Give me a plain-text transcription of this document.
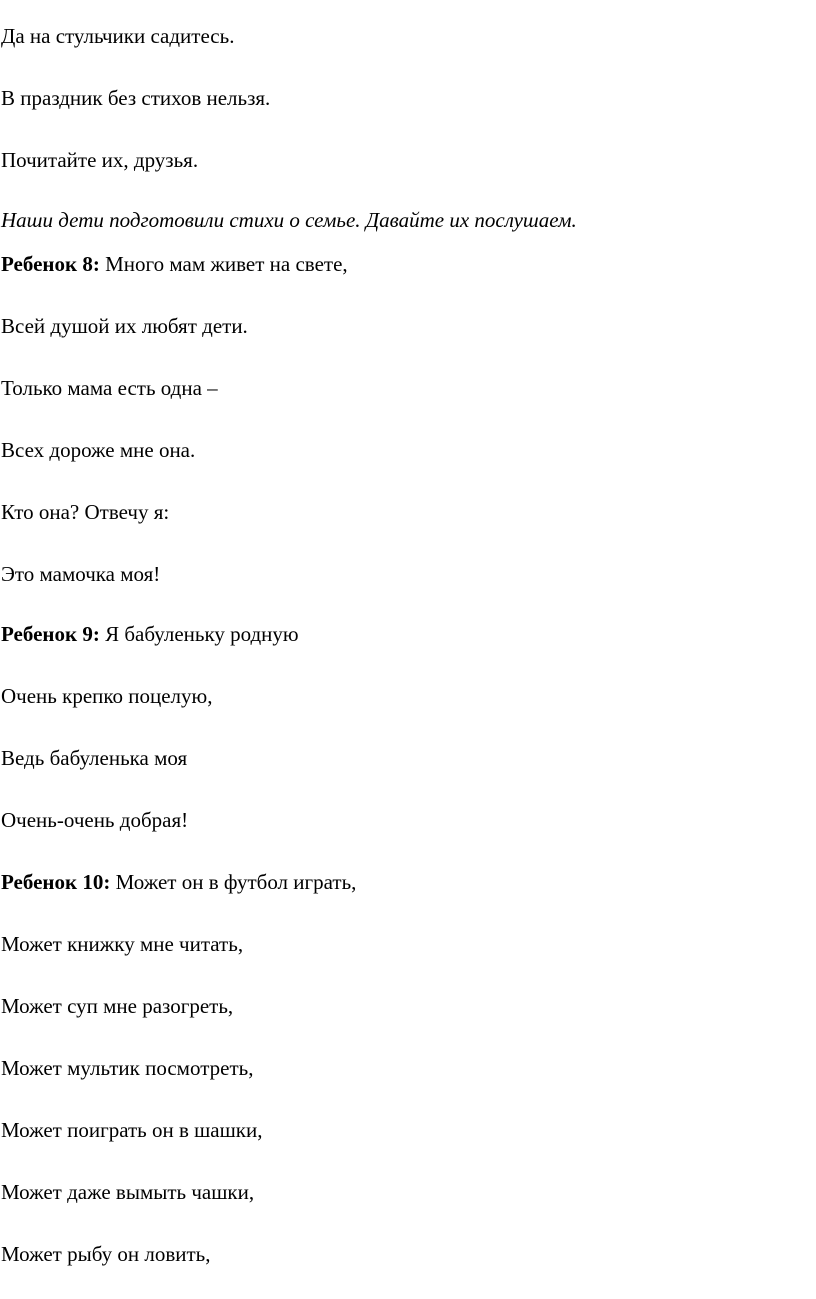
Да на стульчики садитесь.
В праздник без стихов нельзя.
Почитайте их, друзья.
Наши дети подготовили стихи о семье. Давайте их послушаем.
Ребенок 8: Много мам живет на свете,
Всей душой их любят дети.
Только мама есть одна –
Всех дороже мне она.
Кто она? Отвечу я:
Это мамочка моя!
Ребенок 9: Я бабуленьку родную
Очень крепко поцелую,
Ведь бабуленька моя
Очень-очень добрая!
Ребенок 10: Может он в футбол играть,
Может книжку мне читать,
Может суп мне разогреть,
Может мультик посмотреть,
Может поиграть он в шашки,
Может даже вымыть чашки,
Может рыбу он ловить,
